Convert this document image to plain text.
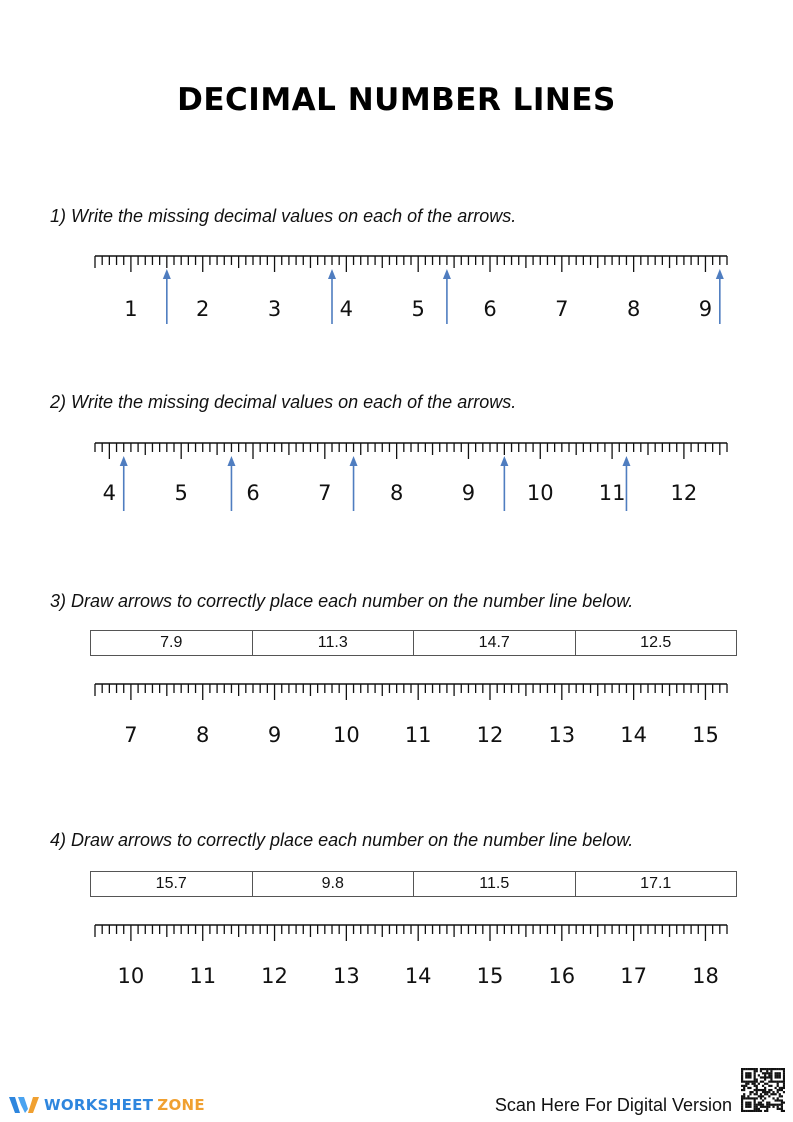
DECIMAL NUMBER LINES
1) Write the missing decimal values on each of the arrows.
1	2	3	4	5	6	7	8	9
4	5	6	7	8	9 10 11 12
7	8	9 10 11 12 13 14 15
10 11 12 13 14 15 16 17 18
2) Write the missing decimal values on each of the arrows.
3) Draw arrows to correctly place each number on the number line below.
7.9	11.3	14.7	12.5
4) Draw arrows to correctly place each number on the number line below.
15.7	9.8	11.5	17.1
WORKSHEET ZONE	Scan Here For Digital Version
